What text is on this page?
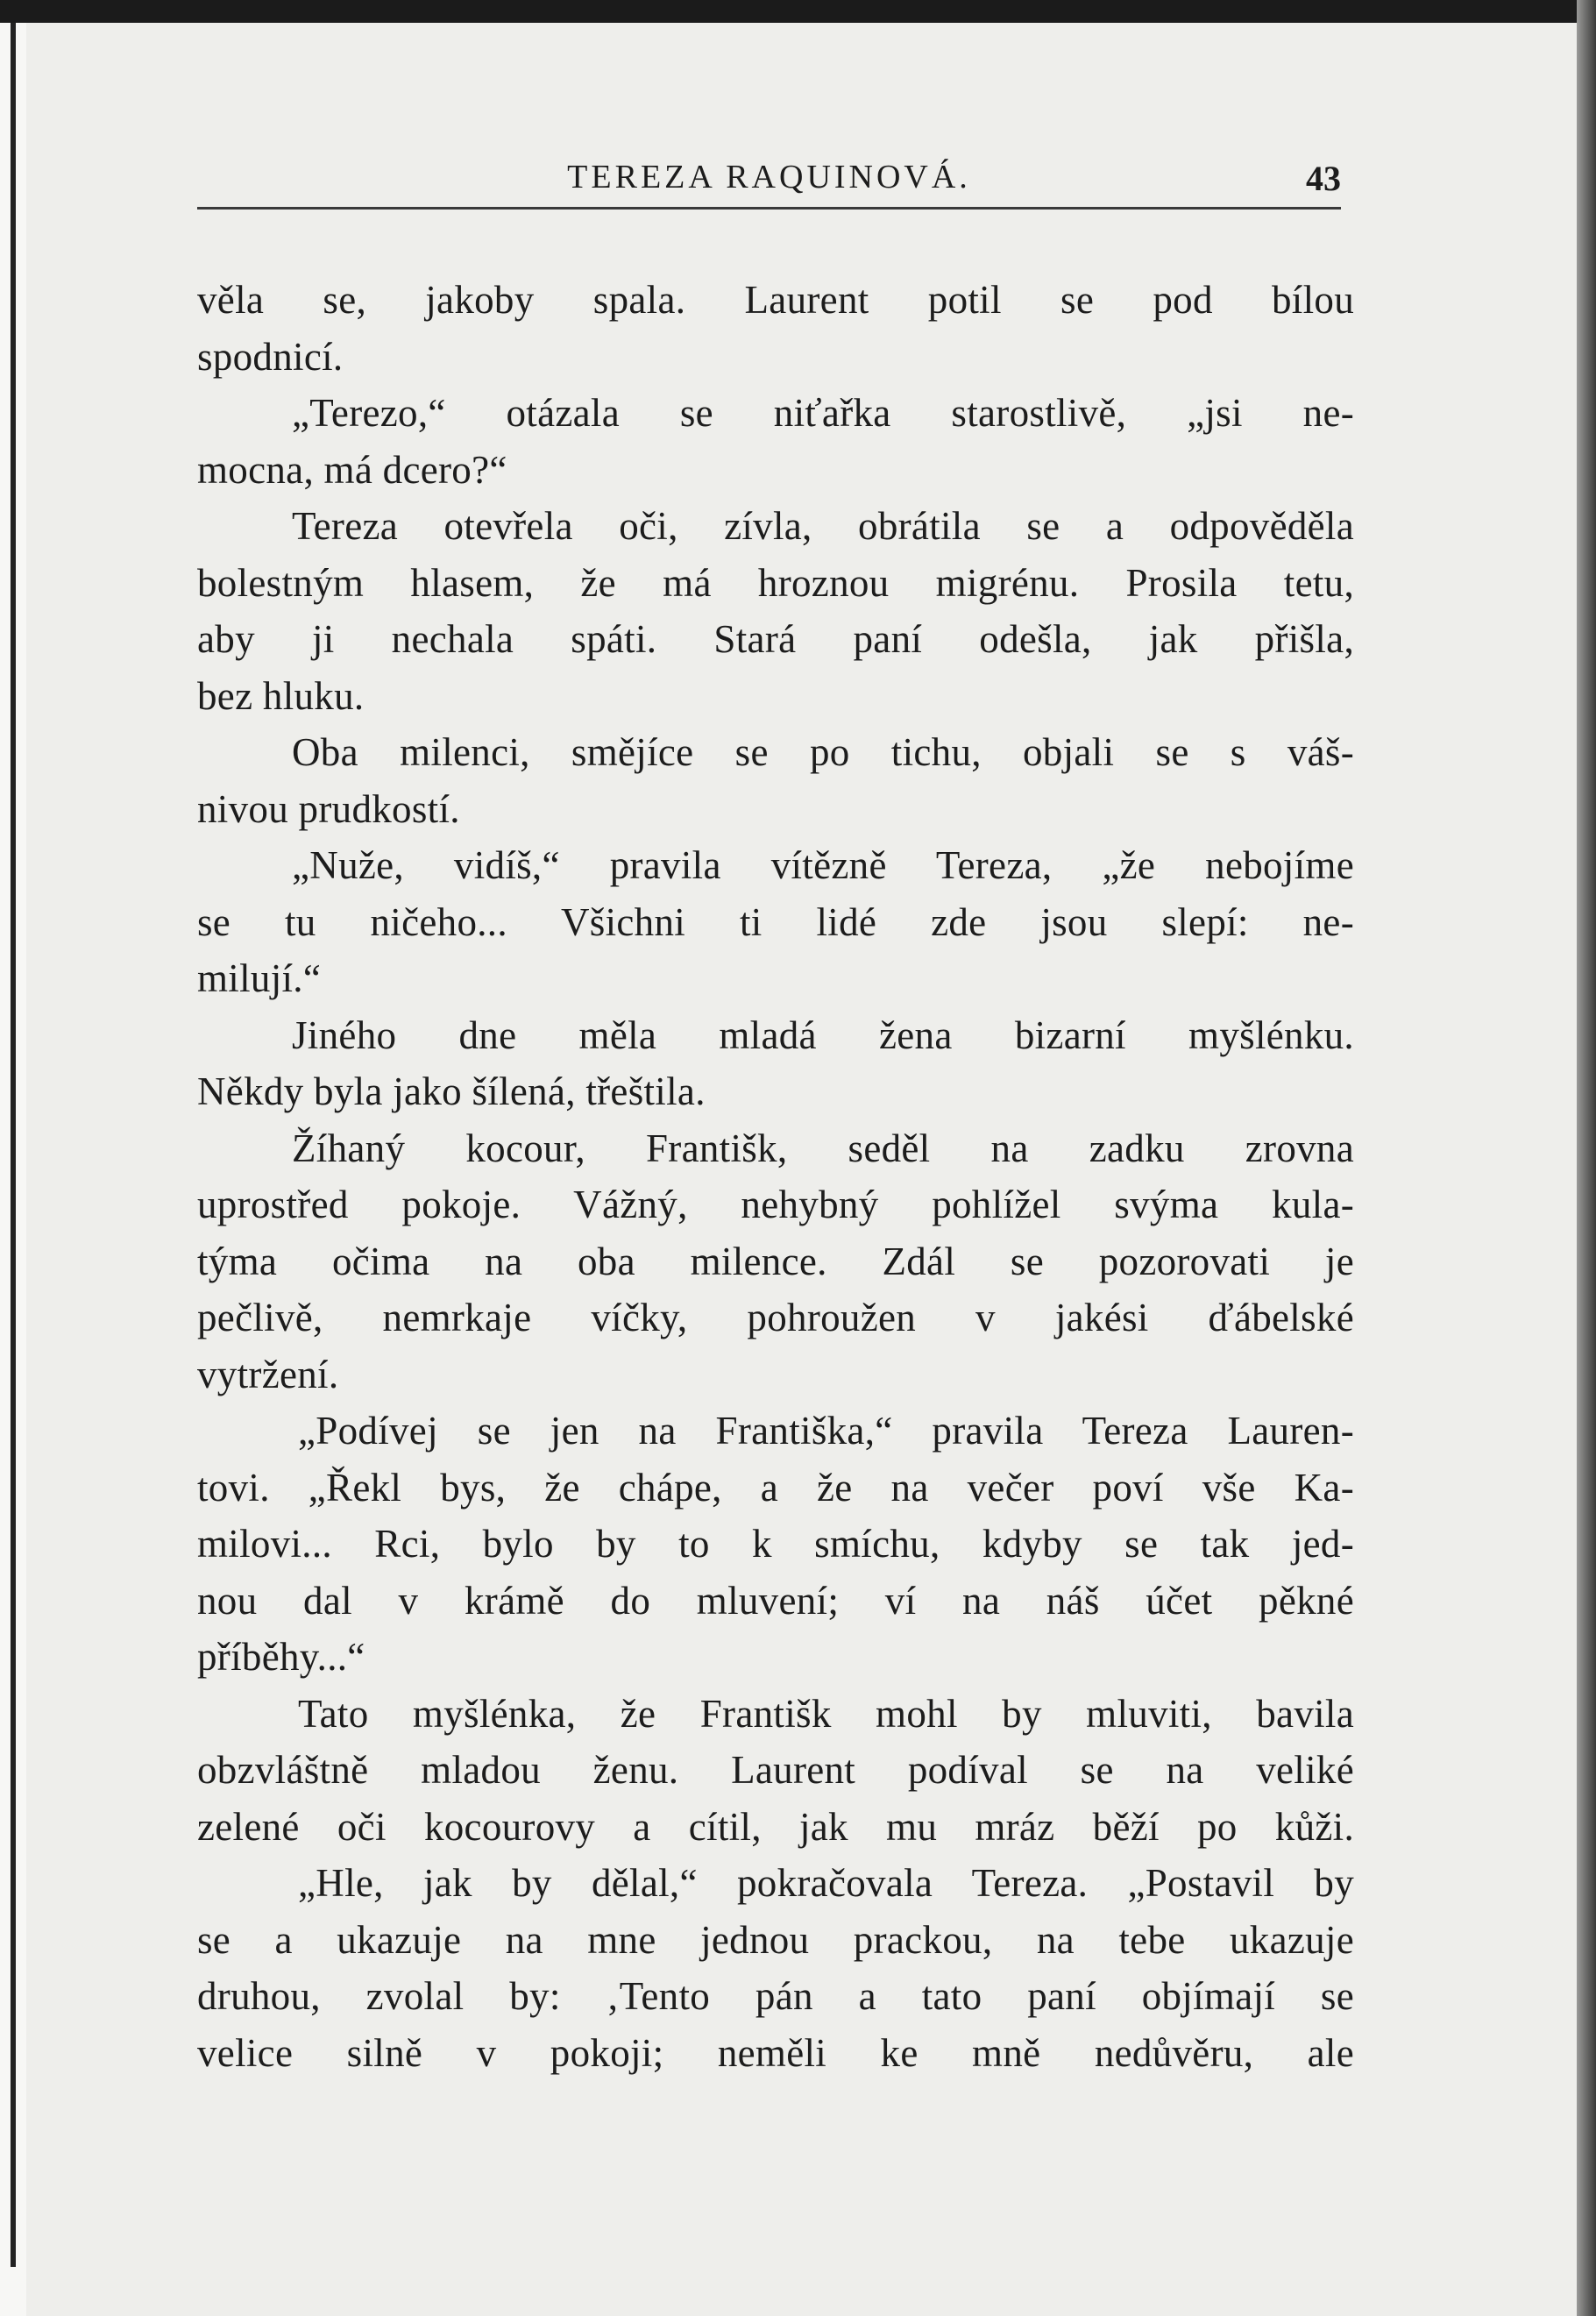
TEREZA RAQUINOVÁ.	43
věla se, jakoby spala. Laurent potil se pod bílou
spodnicí.
„Terezo,“ otázala se niťařka starostlivě, „jsi ne-
mocna, má dcero?“
Tereza otevřela oči, zívla, obrátila se a odpověděla
bolestným hlasem, že má hroznou migrénu. Prosila tetu,
aby ji nechala spáti. Stará paní odešla, jak přišla,
bez hluku.
Oba milenci, smějíce se po tichu, objali se s váš-
nivou prudkostí.
„Nuže, vidíš,“ pravila vítězně Tereza, „že nebojíme
se tu ničeho... Všichni ti lidé zde jsou slepí: ne-
milují.“
Jiného dne měla mladá žena bizarní myšlénku.
Někdy byla jako šílená, třeštila.
Žíhaný kocour, Františk, seděl na zadku zrovna
uprostřed pokoje. Vážný, nehybný pohlížel svýma kula-
týma očima na oba milence. Zdál se pozorovati je
pečlivě, nemrkaje víčky, pohroužen v jakési ďábelské
vytržení.
„Podívej se jen na Františka,“ pravila Tereza Lauren-
tovi. „Řekl bys, že chápe, a že na večer poví vše Ka-
milovi... Rci, bylo by to k smíchu, kdyby se tak jed-
nou dal v krámě do mluvení; ví na náš účet pěkné
příběhy...“
Tato myšlénka, že Františk mohl by mluviti, bavila
obzvláštně mladou ženu. Laurent podíval se na veliké
zelené oči kocourovy a cítil, jak mu mráz běží po kůži.
„Hle, jak by dělal,“ pokračovala Tereza. „Postavil by
se a ukazuje na mne jednou prackou, na tebe ukazuje
druhou, zvolal by: ‚Tento pán a tato paní objímají se
velice silně v pokoji; neměli ke mně nedůvěru, ale
